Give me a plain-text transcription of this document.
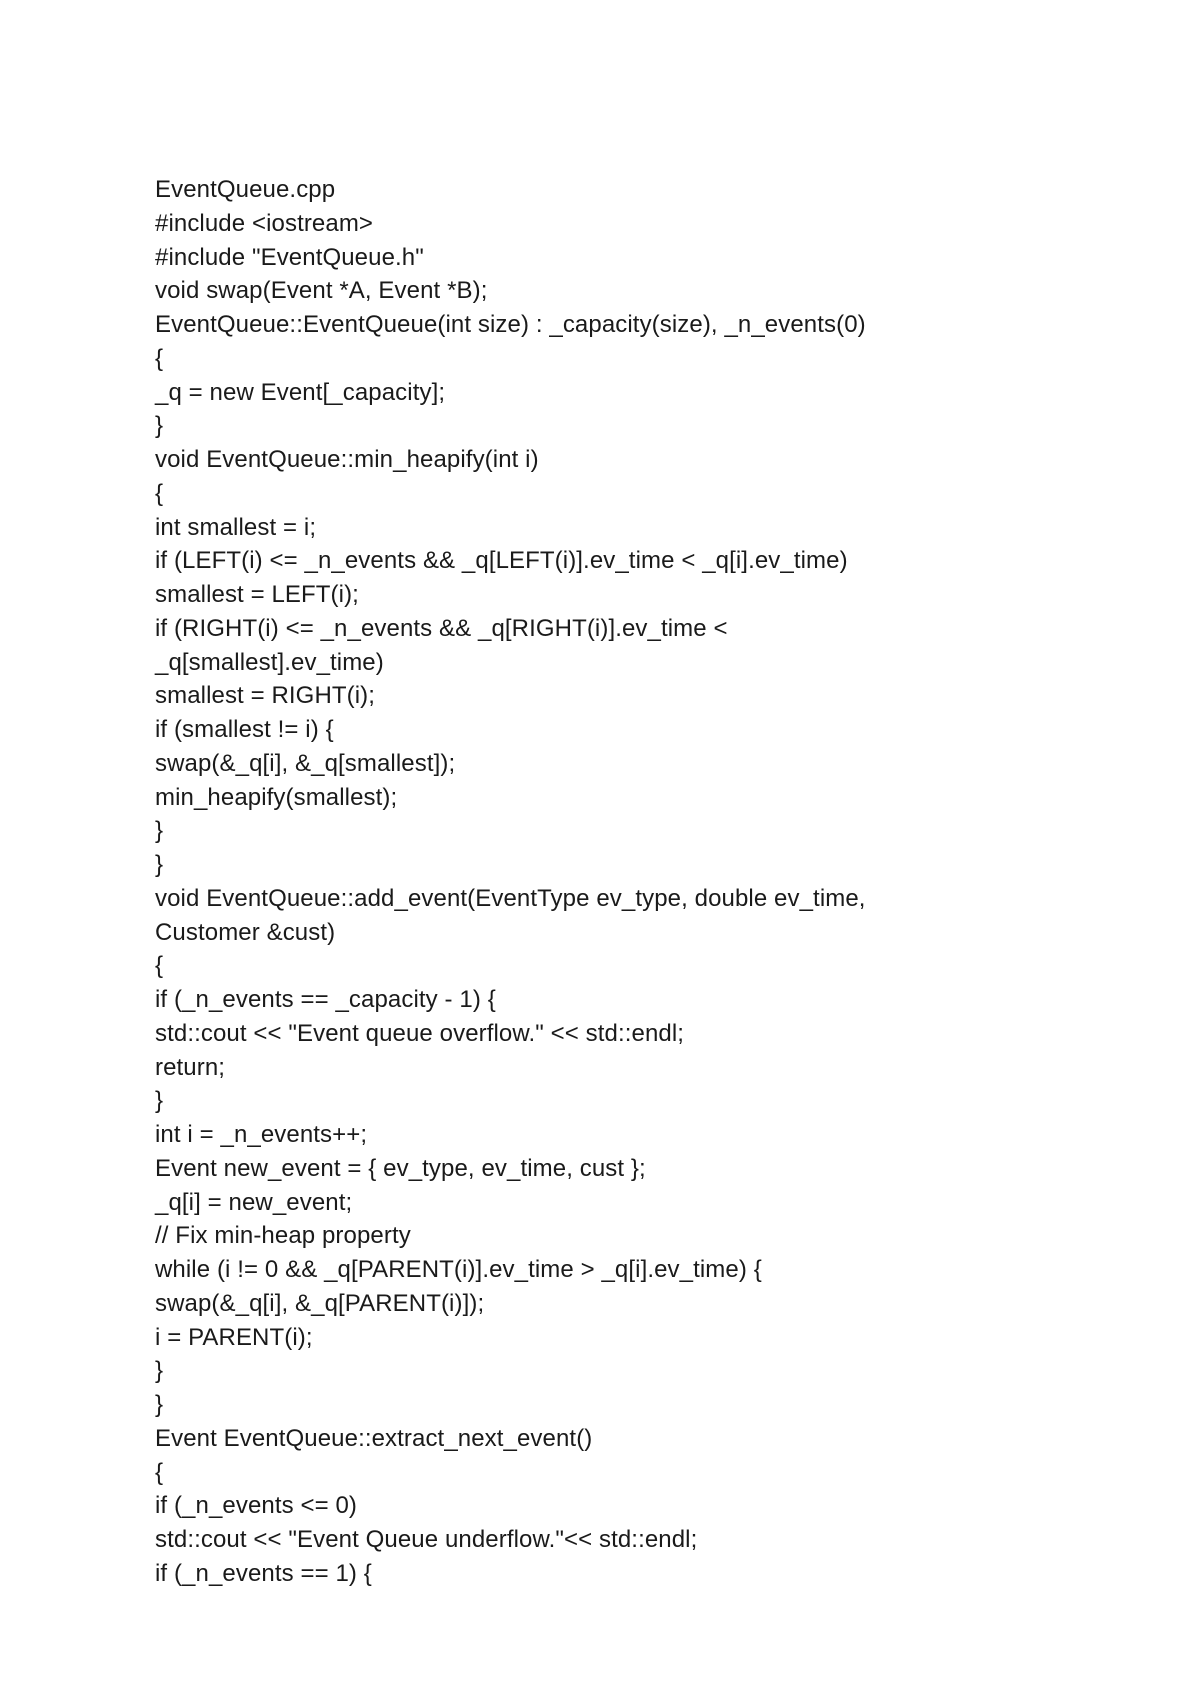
EventQueue.cpp
#include <iostream>
#include "EventQueue.h"
void swap(Event *A, Event *B);
EventQueue::EventQueue(int size) : _capacity(size), _n_events(0)
{
_q = new Event[_capacity];
}
void EventQueue::min_heapify(int i)
{
int smallest = i;
if (LEFT(i) <= _n_events && _q[LEFT(i)].ev_time < _q[i].ev_time)
smallest = LEFT(i);
if (RIGHT(i) <= _n_events && _q[RIGHT(i)].ev_time <
_q[smallest].ev_time)
smallest = RIGHT(i);
if (smallest != i) {
swap(&_q[i], &_q[smallest]);
min_heapify(smallest);
}
}
void EventQueue::add_event(EventType ev_type, double ev_time,
Customer &cust)
{
if (_n_events == _capacity - 1) {
std::cout << "Event queue overflow." << std::endl;
return;
}
int i = _n_events++;
Event new_event = { ev_type, ev_time, cust };
_q[i] = new_event;
// Fix min-heap property
while (i != 0 && _q[PARENT(i)].ev_time > _q[i].ev_time) {
swap(&_q[i], &_q[PARENT(i)]);
i = PARENT(i);
}
}
Event EventQueue::extract_next_event()
{
if (_n_events <= 0)
std::cout << "Event Queue underflow."<< std::endl;
if (_n_events == 1) {
